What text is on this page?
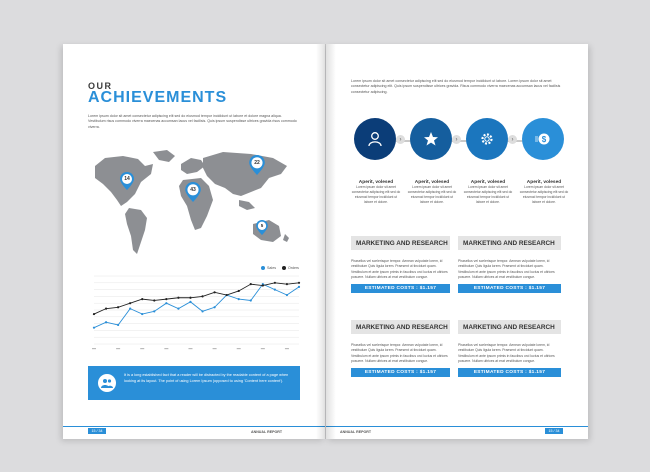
OUR
ACHIEVEMENTS
Lorem ipsum dolor sit amet consectetur adipiscing elit sed do eiusmod tempor incididunt ut labore et dolore magna aliqua. Vestibulum risus commodo viverra maecenas accumsan lacus vel facilisis. Quis ipsum suspendisse ultrices gravida risus commodo viverra.
14
43
22
5
Sales	Orders
It is a long established fact that a reader will be distracted by the readable content of a page when looking at its layout. The point of using Lorem Ipsum (opposed to using 'Content here content').
15 / 34	ANNUAL REPORT
Lorem ipsum dolor sit amet consectetur adipiscing elit sed do eiusmod tempor incididunt ut labore. Lorem ipsum dolor sit amet consectetur adipiscing elit. Quis ipsum suspendisse ultrices gravida. Risus commodo viverra maecenas accumsan lacus vel facilisis consectetur adipiscing.
›	›	›	$
Aperit, volesed
Lorem ipsum dolor sit amet consectetur adipiscing elit sed do eiusmod tempor incididunt ut labore et dolore.
Aperit, volesed
Lorem ipsum dolor sit amet consectetur adipiscing elit sed do eiusmod tempor incididunt ut labore et dolore.
Aperit, volesed
Lorem ipsum dolor sit amet consectetur adipiscing elit sed do eiusmod tempor incididunt ut labore et dolore.
Aperit, volesed
Lorem ipsum dolor sit amet consectetur adipiscing elit sed do eiusmod tempor incididunt ut labore et dolore.
MARKETING AND RESEARCH
Phasellus vel scelerisque tempor. Aenean vulputate lorem, id vestibulum Quis ligula lorem. Praesent ut tincidunt quam. Vestibulum et ante ipsum primis in faucibus orci luctus et ultrices posuere. Nullam ultrices at erat vestibulum congue.
ESTIMATED COSTS : $1.157
MARKETING AND RESEARCH
Phasellus vel scelerisque tempor. Aenean vulputate lorem, id vestibulum Quis ligula lorem. Praesent ut tincidunt quam. Vestibulum et ante ipsum primis in faucibus orci luctus et ultrices posuere. Nullam ultrices at erat vestibulum congue.
ESTIMATED COSTS : $1.157
MARKETING AND RESEARCH
Phasellus vel scelerisque tempor. Aenean vulputate lorem, id vestibulum Quis ligula lorem. Praesent ut tincidunt quam. Vestibulum et ante ipsum primis in faucibus orci luctus et ultrices posuere. Nullam ultrices at erat vestibulum congue.
ESTIMATED COSTS : $1.157
MARKETING AND RESEARCH
Phasellus vel scelerisque tempor. Aenean vulputate lorem, id vestibulum Quis ligula lorem. Praesent ut tincidunt quam. Vestibulum et ante ipsum primis in faucibus orci luctus et ultrices posuere. Nullam ultrices at erat vestibulum congue.
ESTIMATED COSTS : $1.157
ANNUAL REPORT	15 / 34
